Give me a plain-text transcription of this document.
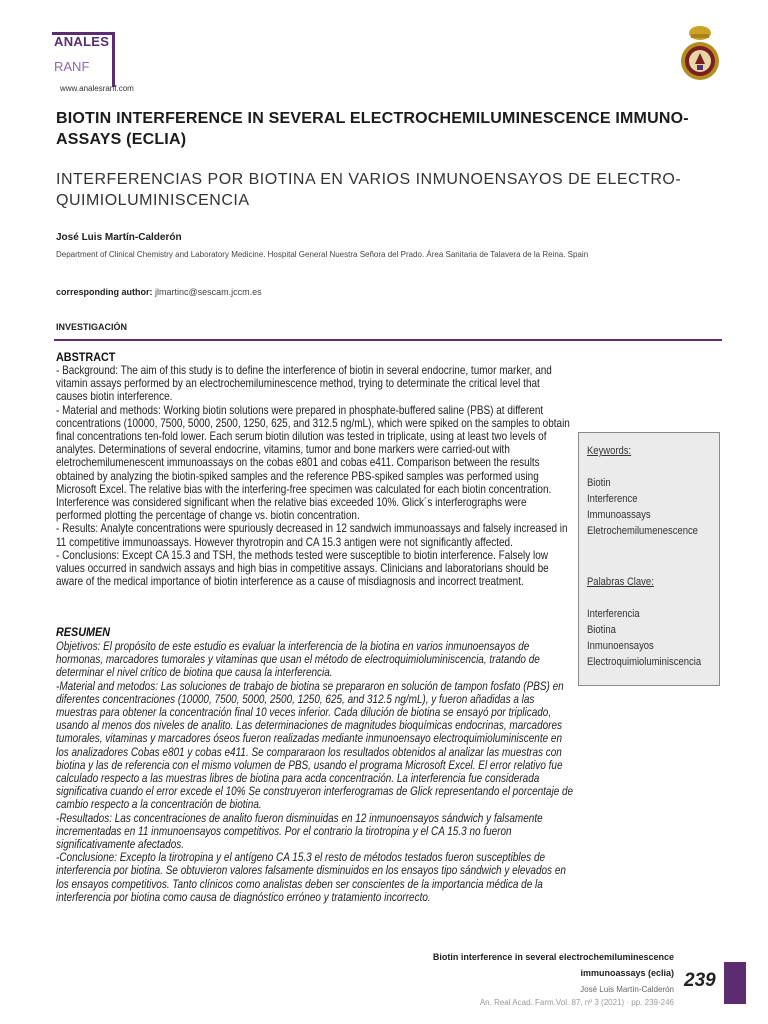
ANALES
RANF
www.analesranf.com
BIOTIN INTERFERENCE IN SEVERAL ELECTROCHEMILUMINESCENCE IMMUNO-ASSAYS (ECLIA)
INTERFERENCIAS POR BIOTINA EN VARIOS INMUNOENSAYOS DE ELECTRO-QUIMIOLUMINISCENCIA
José Luis Martín-Calderón
Department of Clinical Chemistry and Laboratory Medicine. Hospital General Nuestra Señora del Prado. Área Sanitaria de Talavera de la Reina. Spain
corresponding author: jlmartinc@sescam.jccm.es
INVESTIGACIÓN
ABSTRACT

- Background: The aim of this study is to define the interference of biotin in several endocrine, tumor marker, and vitamin assays performed by an electrochemiluminescence method, trying to determinate the critical level that causes biotin interference.

- Material and methods: Working biotin solutions were prepared in phosphate-buffered saline (PBS) at different concentrations (10000, 7500, 5000, 2500, 1250, 625, and 312.5 ng/mL), which were spiked on the samples to obtain final concentrations ten-fold lower. Each serum biotin dilution was tested in triplicate, using at least two levels of analytes. Determinations of several endocrine, vitamins, tumor and bone markers were carried-out with eletrochemilumenescent immunoassays on the cobas e801 and cobas e411. Comparison between the results obtained by analyzing the biotin-spiked samples and the reference PBS-spiked samples was performed using Microsoft Excel. The relative bias with the interfering-free specimen was calculated for each biotin concentration. Interference was considered significant when the relative bias exceeded 10%. Glick´s interferographs were performed plotting the percentage of change vs. biotin concentration.

- Results: Analyte concentrations were spuriously decreased in 12 sandwich immunoassays and falsely increased in 11 competitive immunoassays. However thyrotropin and CA 15.3 antigen were not significantly affected.

- Conclusions: Except CA 15.3 and TSH, the methods tested were susceptible to biotin interference. Falsely low values occurred in sandwich assays and high bias in competitive assays. Clinicians and laboratorians should be aware of the medical importance of biotin interference as a cause of misdiagnosis and incorrect treatment.

RESUMEN

Objetivos: El propósito de este estudio es evaluar la interferencia de la biotina en varios inmunoensayos de hormonas, marcadores tumorales y vitaminas que usan el método de electroquimioluminiscencia, tratando de determinar el nivel crítico de biotina que causa la interferencia.

-Material and metodos: Las soluciones de trabajo de biotina se prepararon en solución de tampon fosfato (PBS) en diferentes concentraciones (10000, 7500, 5000, 2500, 1250, 625, and 312.5 ng/mL), y fueron añadidas a las muestras para obtener la concentración final 10 veces inferior. Cada dilución de biotina se ensayó por triplicado, usando al menos dos niveles de analito. Las determinaciones de magnitudes bioquímicas endocrinas, marcadores tumorales, vitaminas y marcadores óseos fueron realizadas mediante inmunoensayo electroquimioluminiscente en los analizadores Cobas e801 y cobas e411. Se compararaon los resultados obtenidos al analizar las muestras con biotina y las de referencia con el mismo volumen de PBS, usando el programa Microsoft Excel. El error relativo fue calculado respecto a las muestras libres de biotina para acda concentración. La interferencia fue considerada significativa cuando el error excede el 10% Se construyeron interferogramas de Glick representando el porcentaje de cambio respecto a la concentración de biotina.

-Resultados: Las concentraciones de analito fueron disminuidas en 12 inmunoensayos sándwich y falsamente incrementadas en 11 inmunoensayos competitivos. Por el contrario la tirotropina y el CA 15.3 no fueron significativamente afectados.

-Conclusione: Excepto la tirotropina y el antígeno CA 15.3 el resto de métodos testados fueron susceptibles de interferencia por biotina. Se obtuvieron valores falsamente disminuidos en los ensayos tipo sándwich y elevados en los ensayos competitivos. Tanto clínicos como analistas deben ser conscientes de la importancia médica de la interferencia por biotina como causa de diagnóstico erróneo y tratamiento incorrecto.

Keywords:
Biotin
Interference
Immunoassays
Eletrochemilumenescence
Palabras Clave:
Interferencia
Biotina
Inmunoensayos
Electroquimioluminiscencia
Biotin interference in several electrochemiluminescence
immunoassays (eclia)
José Luis Martín-Calderón
An. Real Acad. Farm.Vol. 87, nº 3 (2021) · pp. 239-246
239
